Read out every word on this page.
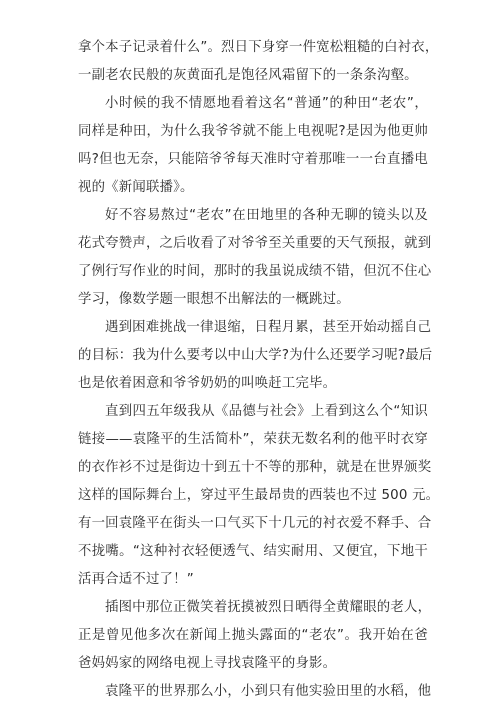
拿个本子记录着什么”。烈日下身穿一件宽松粗糙的白衬衣，
一副老农民般的灰黄面孔是饱径风霜留下的一条条沟壑。
小时候的我不情愿地看着这名“普通”的种田“老农”，
同样是种田，为什么我爷爷就不能上电视呢?是因为他更帅
吗?但也无奈，只能陪爷爷每天准时守着那唯一一台直播电
视的《新闻联播》。
好不容易熬过“老农”在田地里的各种无聊的镜头以及
花式夸赞声，之后收看了对爷爷至关重要的天气预报，就到
了例行写作业的时间，那时的我虽说成绩不错，但沉不住心
学习，像数学题一眼想不出解法的一概跳过。
遇到困难挑战一律退缩，日程月累，甚至开始动摇自己
的目标：我为什么要考以中山大学?为什么还要学习呢?最后
也是依着困意和爷爷奶奶的叫唤赶工完毕。
直到四五年级我从《品德与社会》上看到这么个“知识
链接——袁隆平的生活简朴”，荣获无数名利的他平时衣穿
的衣作衫不过是街边十到五十不等的那种，就是在世界颁奖
这样的国际舞台上，穿过平生最昂贵的西装也不过 500 元。
有一回袁隆平在街头一口气买下十几元的衬衣爱不释手、合
不拢嘴。“这种衬衣轻便透气、结实耐用、又便宜，下地干
活再合适不过了！”
插图中那位正微笑着抚摸被烈日晒得全黄耀眼的老人，
正是曾见他多次在新闻上抛头露面的“老农”。我开始在爸
爸妈妈家的网络电视上寻找袁隆平的身影。
袁隆平的世界那么小，小到只有他实验田里的水稻，他
